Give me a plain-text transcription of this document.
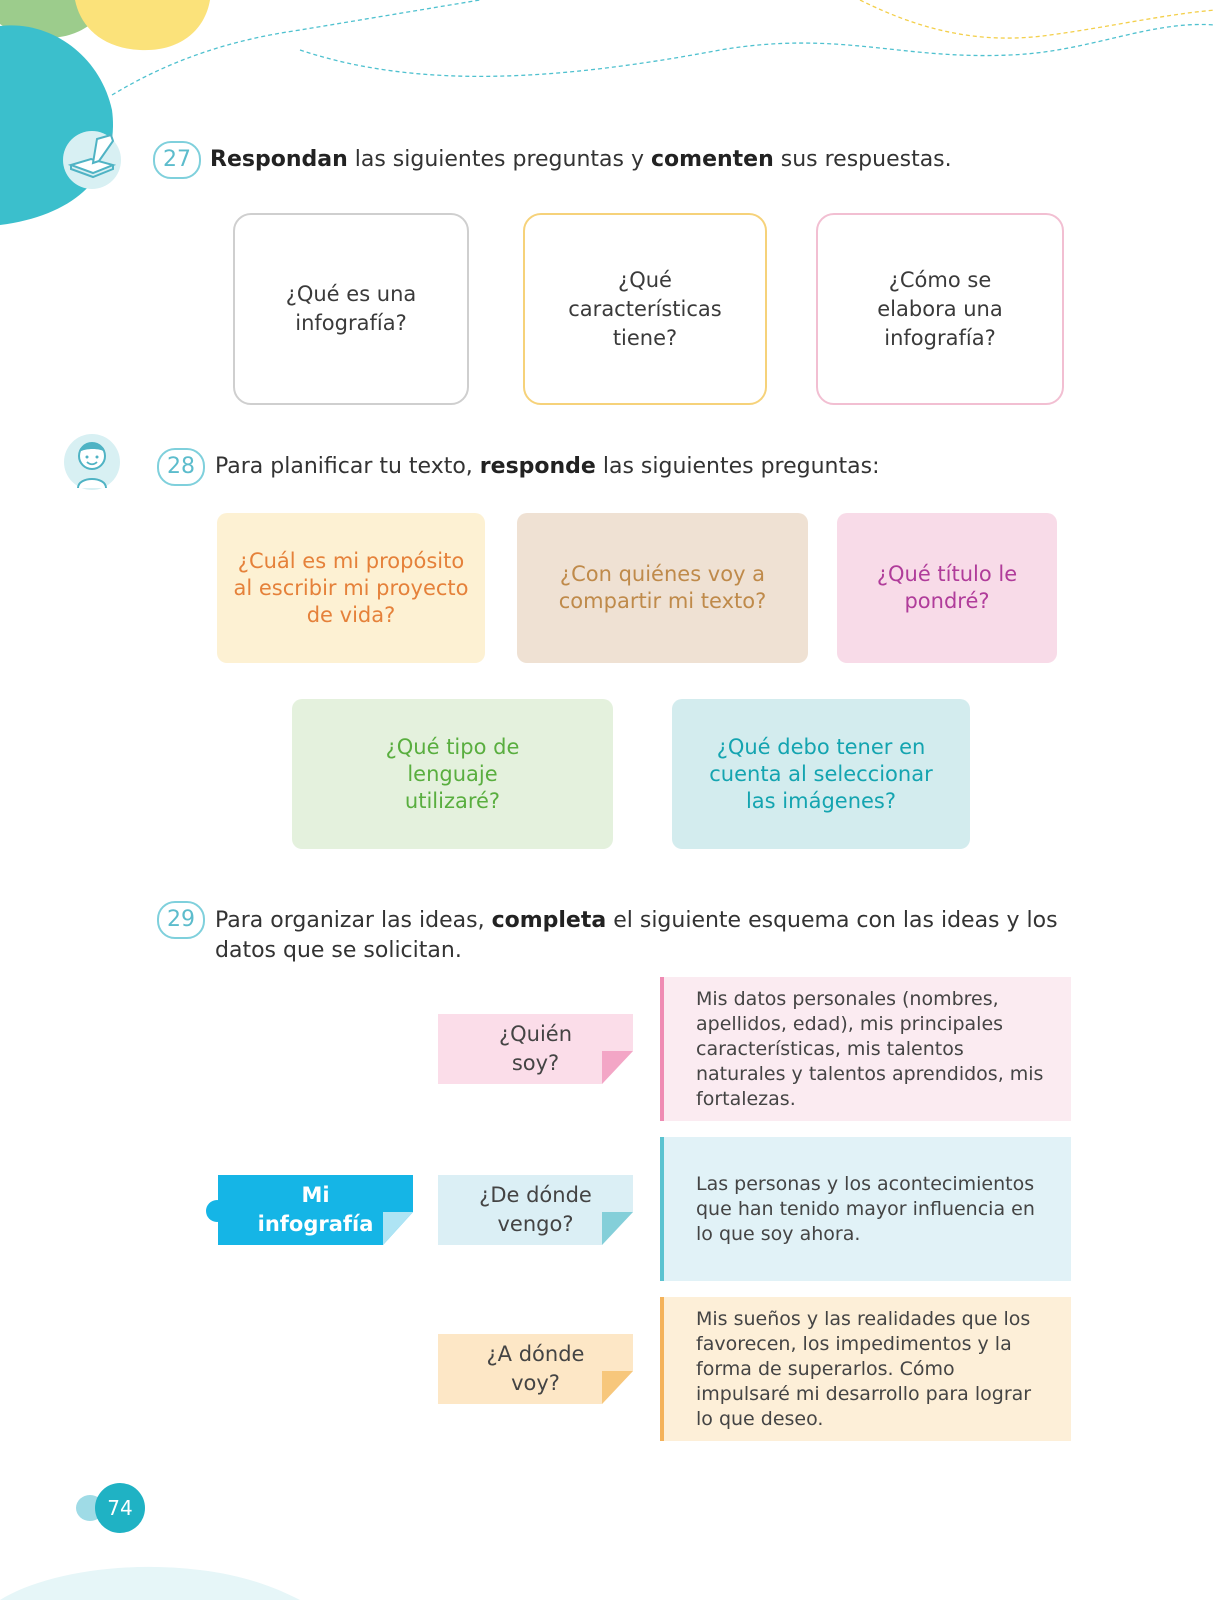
27 Respondan las siguientes preguntas y comenten sus respuestas.
¿Qué es una infografía?
¿Qué características tiene?
¿Cómo se elabora una infografía?
28 Para planificar tu texto, responde las siguientes preguntas:
¿Cuál es mi propósito al escribir mi proyecto de vida?
¿Con quiénes voy a compartir mi texto?
¿Qué título le pondré?
¿Qué tipo de lenguaje utilizaré?
¿Qué debo tener en cuenta al seleccionar las imágenes?
29 Para organizar las ideas, completa el siguiente esquema con las ideas y los datos que se solicitan.
Mi infografía
¿Quién soy?
Mis datos personales (nombres, apellidos, edad), mis principales características, mis talentos naturales y talentos aprendidos, mis fortalezas.
¿De dónde vengo?
Las personas y los acontecimientos que han tenido mayor influencia en lo que soy ahora.
¿A dónde voy?
Mis sueños y las realidades que los favorecen, los impedimentos y la forma de superarlos. Cómo impulsaré mi desarrollo para lograr lo que deseo.
74
